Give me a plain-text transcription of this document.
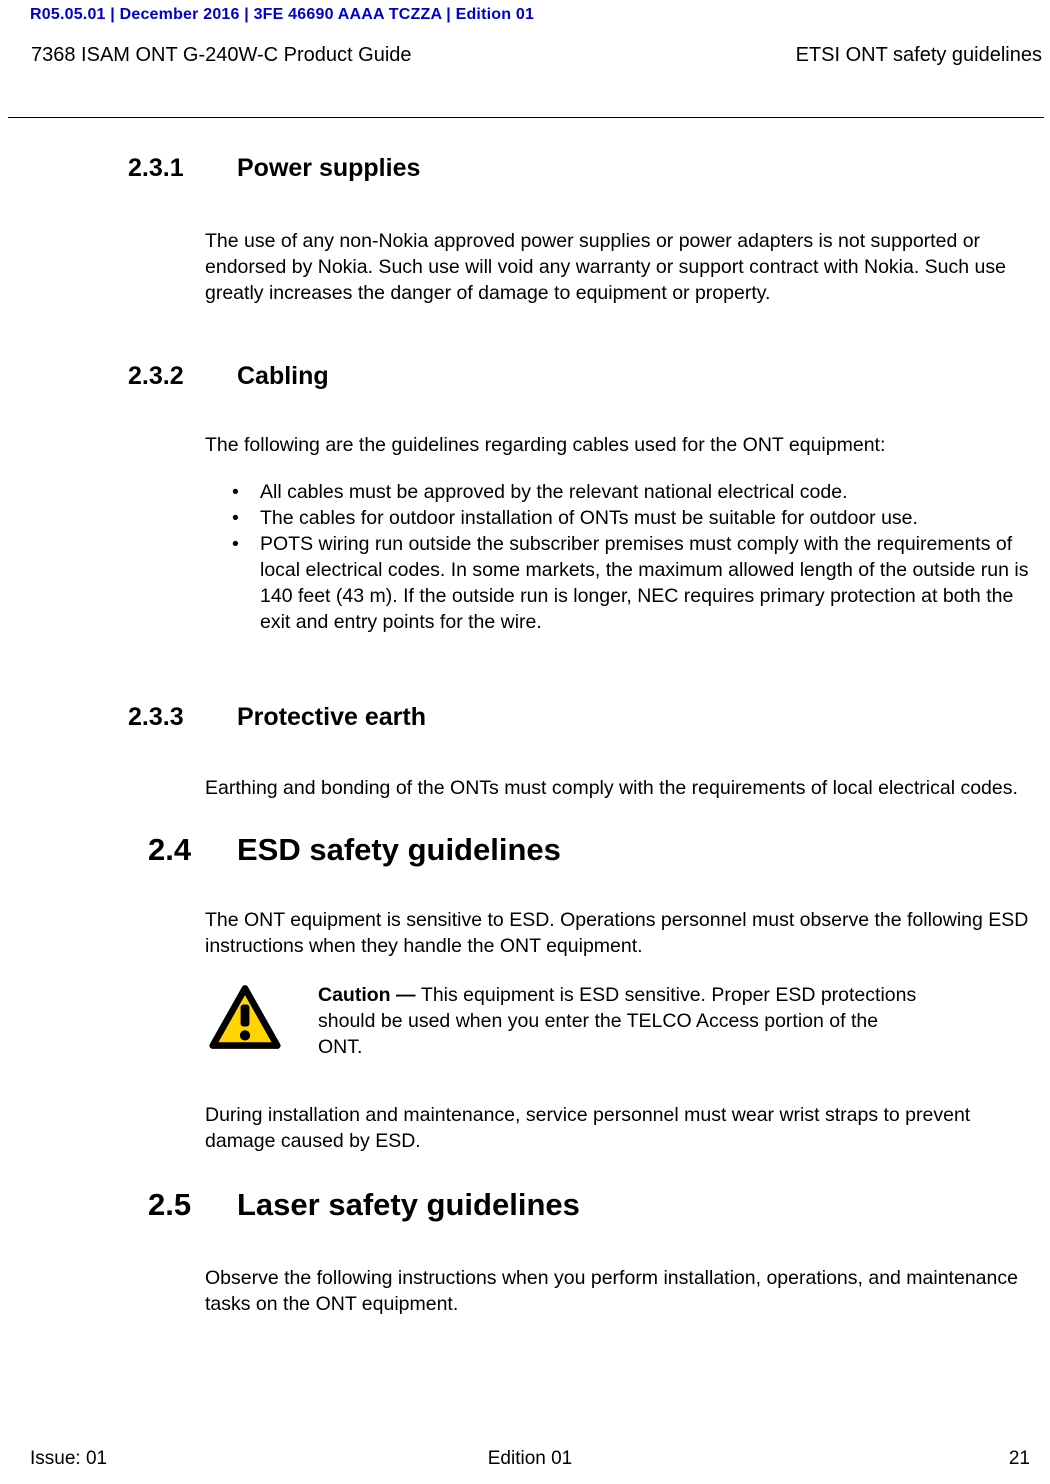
R05.05.01 | December 2016 | 3FE 46690 AAAA TCZZA | Edition 01
7368 ISAM ONT G-240W-C Product Guide	ETSI ONT safety guidelines
2.3.1	Power supplies
The use of any non-Nokia approved power supplies or power adapters is not supported or endorsed by Nokia. Such use will void any warranty or support contract with Nokia. Such use greatly increases the danger of damage to equipment or property.
2.3.2	Cabling
The following are the guidelines regarding cables used for the ONT equipment:
•	All cables must be approved by the relevant national electrical code.
•	The cables for outdoor installation of ONTs must be suitable for outdoor use.
•	POTS wiring run outside the subscriber premises must comply with the requirements of local electrical codes. In some markets, the maximum allowed length of the outside run is 140 feet (43 m). If the outside run is longer, NEC requires primary protection at both the exit and entry points for the wire.
2.3.3	Protective earth
Earthing and bonding of the ONTs must comply with the requirements of local electrical codes.
2.4	ESD safety guidelines
The ONT equipment is sensitive to ESD. Operations personnel must observe the following ESD instructions when they handle the ONT equipment.
Caution — This equipment is ESD sensitive. Proper ESD protections should be used when you enter the TELCO Access portion of the ONT.
During installation and maintenance, service personnel must wear wrist straps to prevent damage caused by ESD.
2.5	Laser safety guidelines
Observe the following instructions when you perform installation, operations, and maintenance tasks on the ONT equipment.
Issue: 01	Edition 01	21
